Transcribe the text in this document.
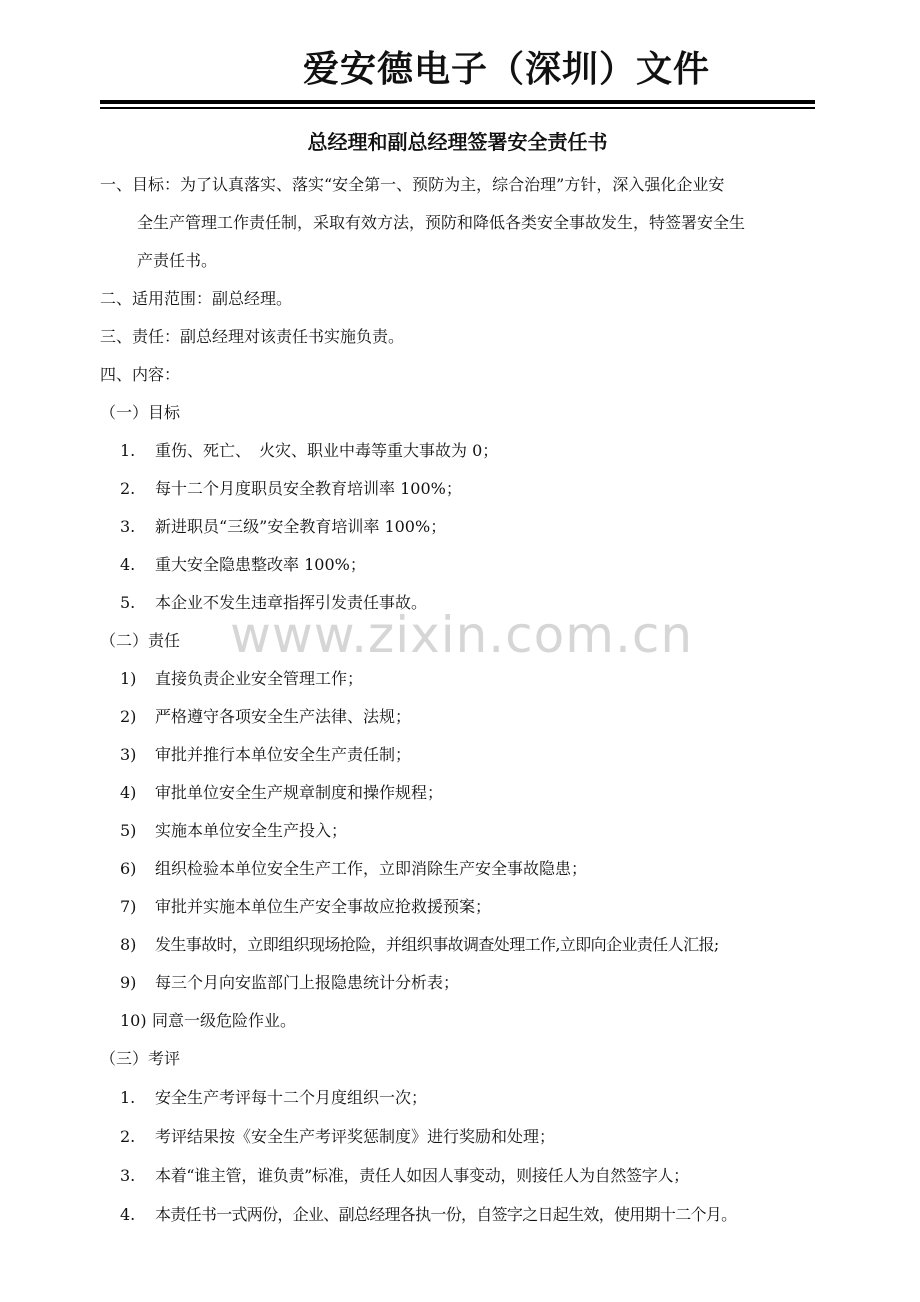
爱安德电子（深圳）文件
总经理和副总经理签署安全责任书
一、目标：为了认真落实、落实“安全第一、预防为主，综合治理”方针，深入强化企业安
全生产管理工作责任制，采取有效方法，预防和降低各类安全事故发生，特签署安全生
产责任书。
二、适用范围：副总经理。
三、责任：副总经理对该责任书实施负责。
四、内容：
（一）目标
1. 重伤、死亡、　火灾、职业中毒等重大事故为 0；
2. 每十二个月度职员安全教育培训率 100%；
3. 新进职员“三级”安全教育培训率 100%；
4. 重大安全隐患整改率 100%；
5. 本企业不发生违章指挥引发责任事故。
（二）责任
1) 直接负责企业安全管理工作；
2) 严格遵守各项安全生产法律、法规；
3) 审批并推行本单位安全生产责任制；
4) 审批单位安全生产规章制度和操作规程；
5) 实施本单位安全生产投入；
6) 组织检验本单位安全生产工作，立即消除生产安全事故隐患；
7) 审批并实施本单位生产安全事故应抢救援预案；
8) 发生事故时，立即组织现场抢险，并组织事故调查处理工作,立即向企业责任人汇报;
9) 每三个月向安监部门上报隐患统计分析表；
10) 同意一级危险作业。
（三）考评
1. 安全生产考评每十二个月度组织一次；
2. 考评结果按《安全生产考评奖惩制度》进行奖励和处理；
3. 本着“谁主管，谁负责”标准，责任人如因人事变动，则接任人为自然签字人；
4. 本责任书一式两份，企业、副总经理各执一份，自签字之日起生效，使用期十二个月。
www.zixin.com.cn
